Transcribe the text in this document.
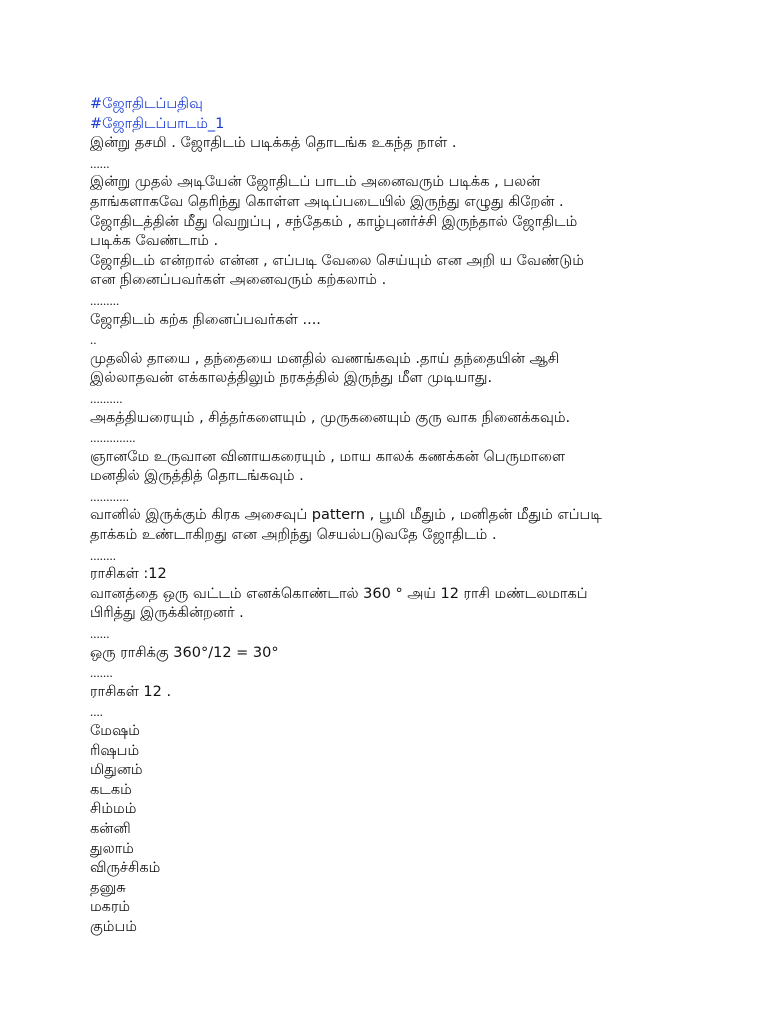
#ஜோதிடப்பதிவு
#ஜோதிடப்பாடம்_1
இன்று தசமி . ஜோதிடம் படிக்கத் தொடங்க உகந்த நாள் .
......
இன்று முதல் அடியேன் ஜோதிடப் பாடம் அனைவரும் படிக்க , பலன்
தாங்களாகவே தெரிந்து கொள்ள அடிப்படையில் இருந்து எழுது கிறேன் .
ஜோதிடத்தின் மீது வெறுப்பு , சந்தேகம் , காழ்புனர்ச்சி இருந்தால் ஜோதிடம்
படிக்க வேண்டாம் .
ஜோதிடம் என்றால் என்ன , எப்படி வேலை செய்யும் என அறி ய வேண்டும்
என நினைப்பவர்கள் அனைவரும் கற்கலாம் .
.........
ஜோதிடம் கற்க நினைப்பவர்கள் ....
..
முதலில் தாயை , தந்தையை மனதில் வணங்கவும் .தாய் தந்தையின் ஆசி
இல்லாதவன் எக்காலத்திலும் நரகத்தில் இருந்து மீள முடியாது.
..........
அகத்தியரையும் , சித்தர்களையும் , முருகனையும் குரு வாக நினைக்கவும்.
..............
ஞானமே உருவான வினாயகரையும் , மாய காலக் கணக்கன் பெருமாளை
மனதில் இருத்தித் தொடங்கவும் .
............
வானில் இருக்கும் கிரக அசைவுப் pattern , பூமி மீதும் , மனிதன் மீதும் எப்படி
தாக்கம் உண்டாகிறது என அறிந்து செயல்படுவதே ஜோதிடம் .
........
ராசிகள் :12
வானத்தை ஒரு வட்டம் எனக்கொண்டால் 360 ° அய் 12 ராசி மண்டலமாகப்
பிரித்து இருக்கின்றனர் .
......
ஒரு ராசிக்கு 360°/12 = 30°
.......
ராசிகள் 12 .
....
மேஷம்
ரிஷபம்
மிதுனம்
கடகம்
சிம்மம்
கன்னி
துலாம்
விருச்சிகம்
தனுசு
மகரம்
கும்பம்
